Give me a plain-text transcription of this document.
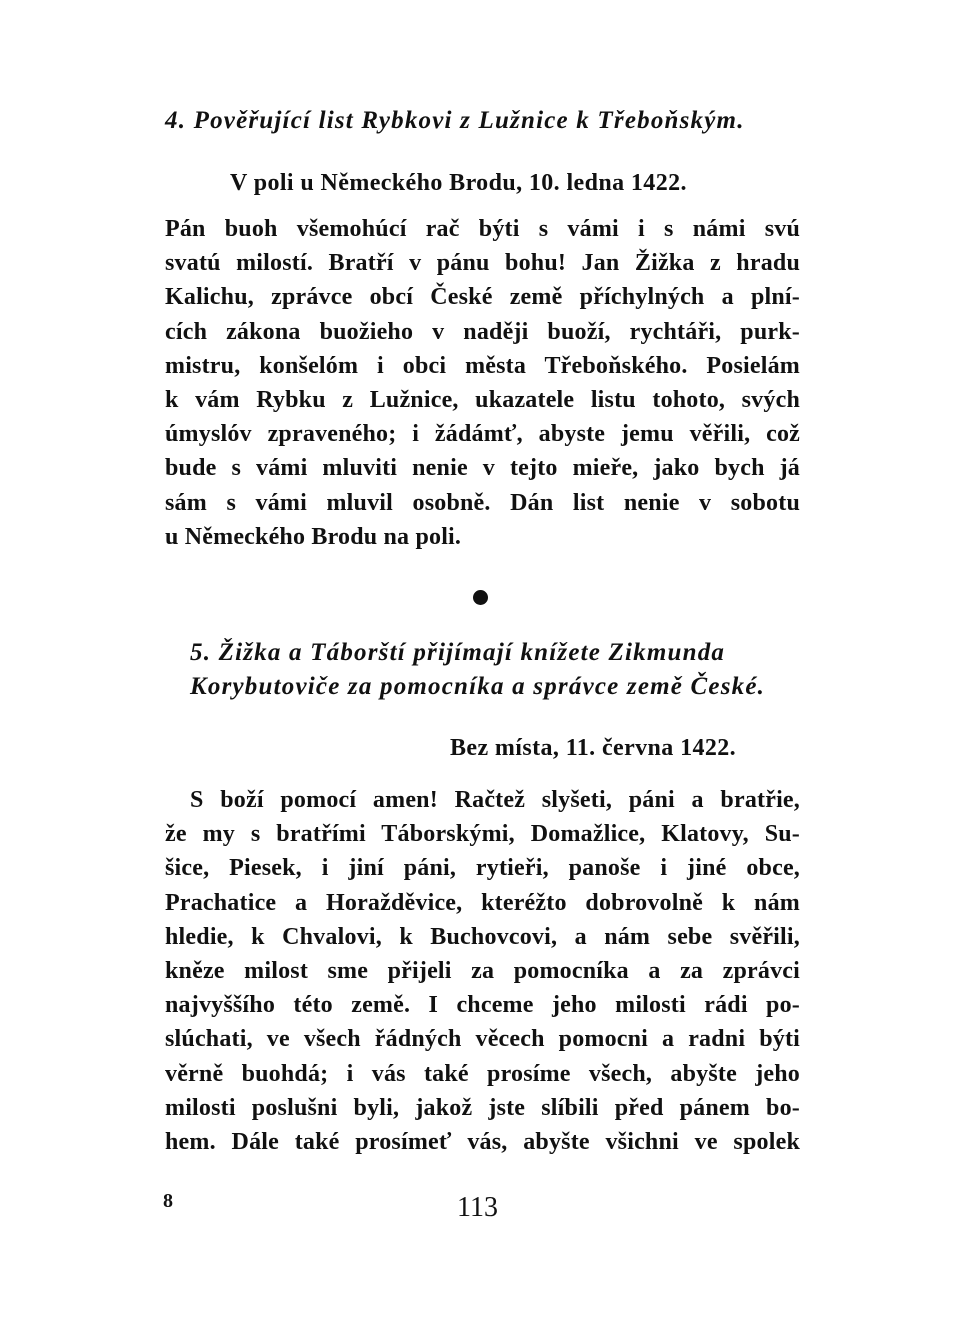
4. Pověřující list Rybkovi z Lužnice k Třeboňským.
V poli u Německého Brodu, 10. ledna 1422.
Pán buoh všemohúcí rač býti s vámi i s námi svú
svatú milostí. Bratří v pánu bohu! Jan Žižka z hradu
Kalichu, zprávce obcí České země příchylných a plní-
cích zákona buožieho v naději buoží, rychtáři, purk-
mistru, konšelóm i obci města Třeboňského. Posielám
k vám Rybku z Lužnice, ukazatele listu tohoto, svých
úmyslóv zpraveného; i žádámť, abyste jemu věřili, což
bude s vámi mluviti nenie v tejto mieře, jako bych já
sám s vámi mluvil osobně. Dán list nenie v sobotu
u Německého Brodu na poli.
5. Žižka a Táborští přijímají knížete Zikmunda
Korybutoviče za pomocníka a správce země České.
Bez místa, 11. června 1422.
S boží pomocí amen! Račtež slyšeti, páni a bratřie,
že my s bratřími Táborskými, Domažlice, Klatovy, Su-
šice, Piesek, i jiní páni, rytieři, panoše i jiné obce,
Prachatice a Horažděvice, kteréžto dobrovolně k nám
hledie, k Chvalovi, k Buchovcovi, a nám sebe svěřili,
kněze milost sme přijeli za pomocníka a za zprávci
najvyššího této země. I chceme jeho milosti rádi po-
slúchati, ve všech řádných věcech pomocni a radni býti
věrně buohdá; i vás také prosíme všech, abyšte jeho
milosti poslušni byli, jakož jste slíbili před pánem bo-
hem. Dále také prosímeť vás, abyšte všichni ve spolek
8	113
